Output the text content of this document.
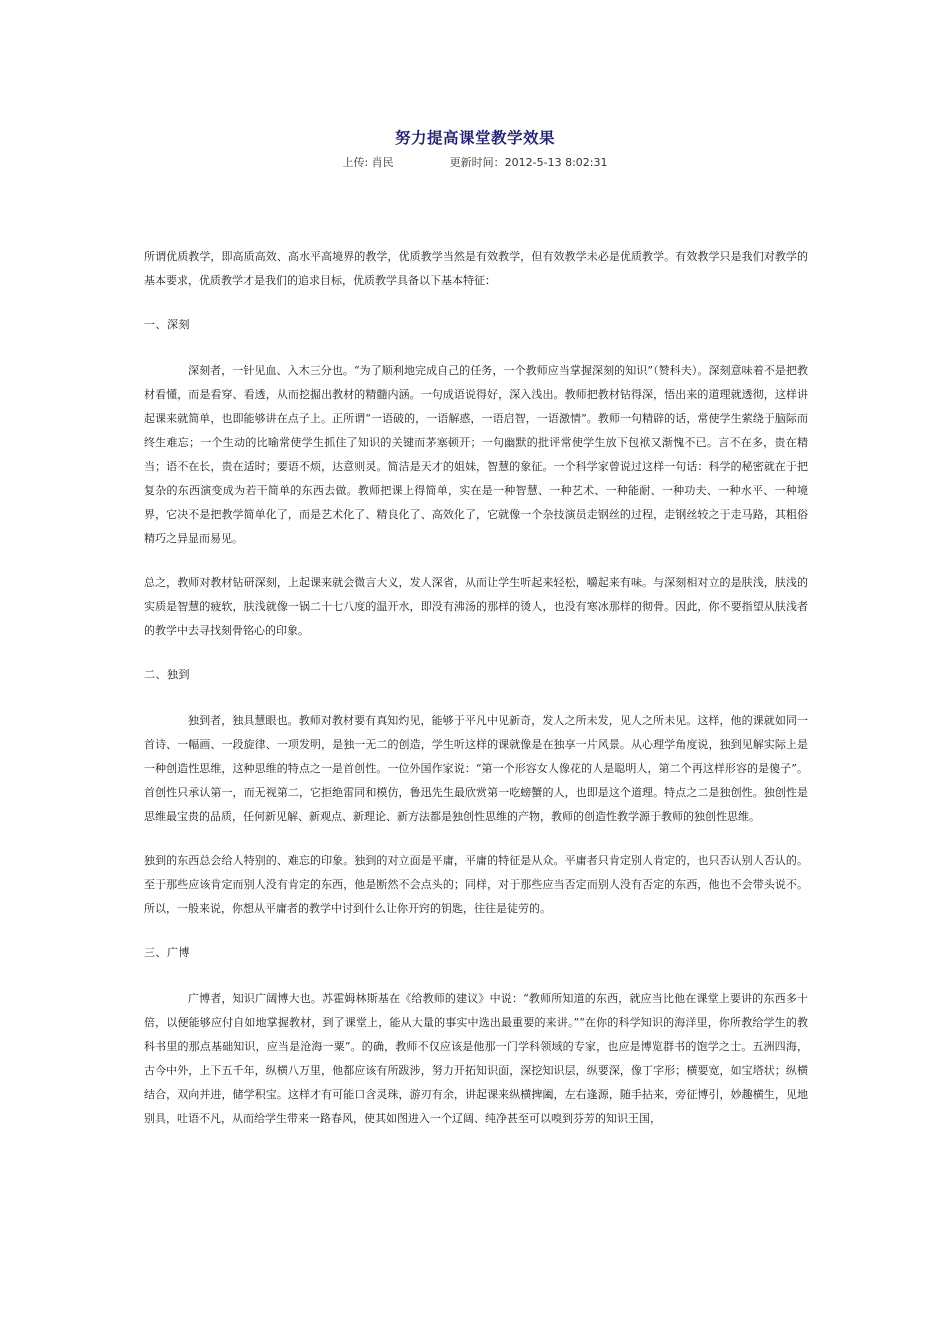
努力提高课堂教学效果
上传: 肖民	更新时间：2012-5-13 8:02:31

所谓优质教学，即高质高效、高水平高境界的教学，优质教学当然是有效教学，但有效教学未必是优质教学。有效教学只是我们对教学的基本要求，优质教学才是我们的追求目标，优质教学具备以下基本特征：

一、深刻

深刻者，一针见血、入木三分也。“为了顺利地完成自己的任务，一个教师应当掌握深刻的知识”（赞科夫）。深刻意味着不是把教材看懂，而是看穿、看透，从而挖掘出教材的精髓内涵。一句成语说得好，深入浅出。教师把教材钻得深，悟出来的道理就透彻，这样讲起课来就简单，也即能够讲在点子上。正所谓“一语破的，一语解惑，一语启智，一语激情”。教师一句精辟的话，常使学生萦绕于脑际而终生难忘；一个生动的比喻常使学生抓住了知识的关键而茅塞顿开；一句幽默的批评常使学生放下包袱又渐愧不已。言不在多，贵在精当；语不在长，贵在适时；要语不烦，达意则灵。简洁是天才的姐妹，智慧的象征。一个科学家曾说过这样一句话：科学的秘密就在于把复杂的东西演变成为若干简单的东西去做。教师把课上得简单，实在是一种智慧、一种艺术、一种能耐、一种功夫、一种水平、一种境界，它决不是把教学简单化了，而是艺术化了、精良化了、高效化了，它就像一个杂技演员走钢丝的过程，走钢丝较之于走马路，其粗俗精巧之异显而易见。

总之，教师对教材钻研深刻，上起课来就会微言大义，发人深省，从而让学生听起来轻松，嚼起来有味。与深刻相对立的是肤浅，肤浅的实质是智慧的疲软，肤浅就像一锅二十七八度的温开水，即没有沸汤的那样的烫人，也没有寒冰那样的彻骨。因此，你不要指望从肤浅者的教学中去寻找刻骨铭心的印象。

二、独到

独到者，独具慧眼也。教师对教材要有真知灼见，能够于平凡中见新奇，发人之所未发，见人之所未见。这样，他的课就如同一首诗、一幅画、一段旋律、一项发明，是独一无二的创造，学生听这样的课就像是在独享一片风景。从心理学角度说，独到见解实际上是一种创造性思维，这种思维的特点之一是首创性。一位外国作家说：“第一个形容女人像花的人是聪明人，第二个再这样形容的是傻子”。首创性只承认第一，而无视第二，它拒绝雷同和模仿，鲁迅先生最欣赏第一吃螃蟹的人，也即是这个道理。特点之二是独创性。独创性是思维最宝贵的品质，任何新见解、新观点、新理论、新方法都是独创性思维的产物，教师的创造性教学源于教师的独创性思维。

独到的东西总会给人特别的、难忘的印象。独到的对立面是平庸，平庸的特征是从众。平庸者只肯定别人肯定的，也只否认别人否认的。至于那些应该肯定而别人没有肯定的东西，他是断然不会点头的；同样，对于那些应当否定而别人没有否定的东西，他也不会带头说不。所以，一般来说，你想从平庸者的教学中讨到什么让你开窍的钥匙，往往是徒劳的。

三、广博

广博者，知识广阔博大也。苏霍姆林斯基在《给教师的建议》中说：“教师所知道的东西，就应当比他在课堂上要讲的东西多十倍，以便能够应付自如地掌握教材，到了课堂上，能从大量的事实中选出最重要的来讲。”“在你的科学知识的海洋里，你所教给学生的教科书里的那点基础知识，应当是沧海一粟”。的确，教师不仅应该是他那一门学科领域的专家，也应是博览群书的饱学之士。五洲四海，古今中外，上下五千年，纵横八万里，他都应该有所跋涉，努力开拓知识面，深挖知识层，纵要深，像丁字形；横要宽，如宝塔状；纵横结合，双向并进，储学积宝。这样才有可能口含灵珠，游刃有余，讲起课来纵横捭阖，左右逢源，随手拈来，旁征博引，妙趣横生，见地别具，吐语不凡，从而给学生带来一路春风，使其如图进入一个辽阔、纯净甚至可以嗅到芬芳的知识王国，
